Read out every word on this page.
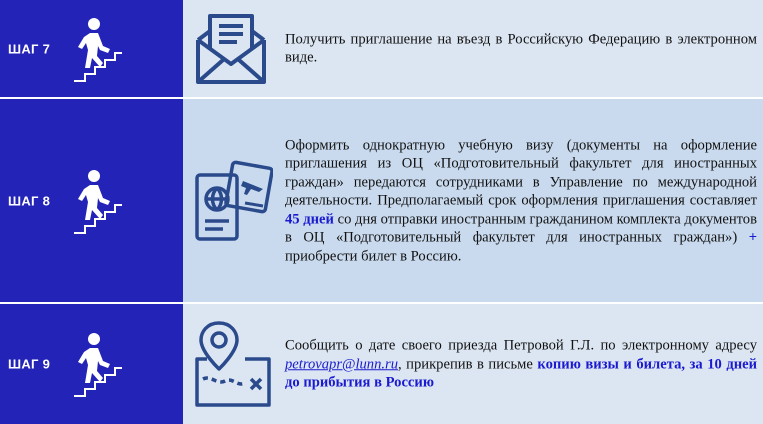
ШАГ 7
Получить приглашение на въезд в Российскую Федерацию в электронном виде.
ШАГ 8
Оформить однократную учебную визу (документы на оформление приглашения из ОЦ «Подготовительный факультет для иностранных граждан» передаются сотрудниками в Управление по международной деятельности. Предполагаемый срок оформления приглашения составляет 45 дней со дня отправки иностранным гражданином комплекта документов в ОЦ «Подготовительный факультет для иностранных граждан») + приобрести билет в Россию.
ШАГ 9
Сообщить о дате своего приезда Петровой Г.Л. по электронному адресу petrovapr@lunn.ru, прикрепив в письме копию визы и билета, за 10 дней до прибытия в Россию
